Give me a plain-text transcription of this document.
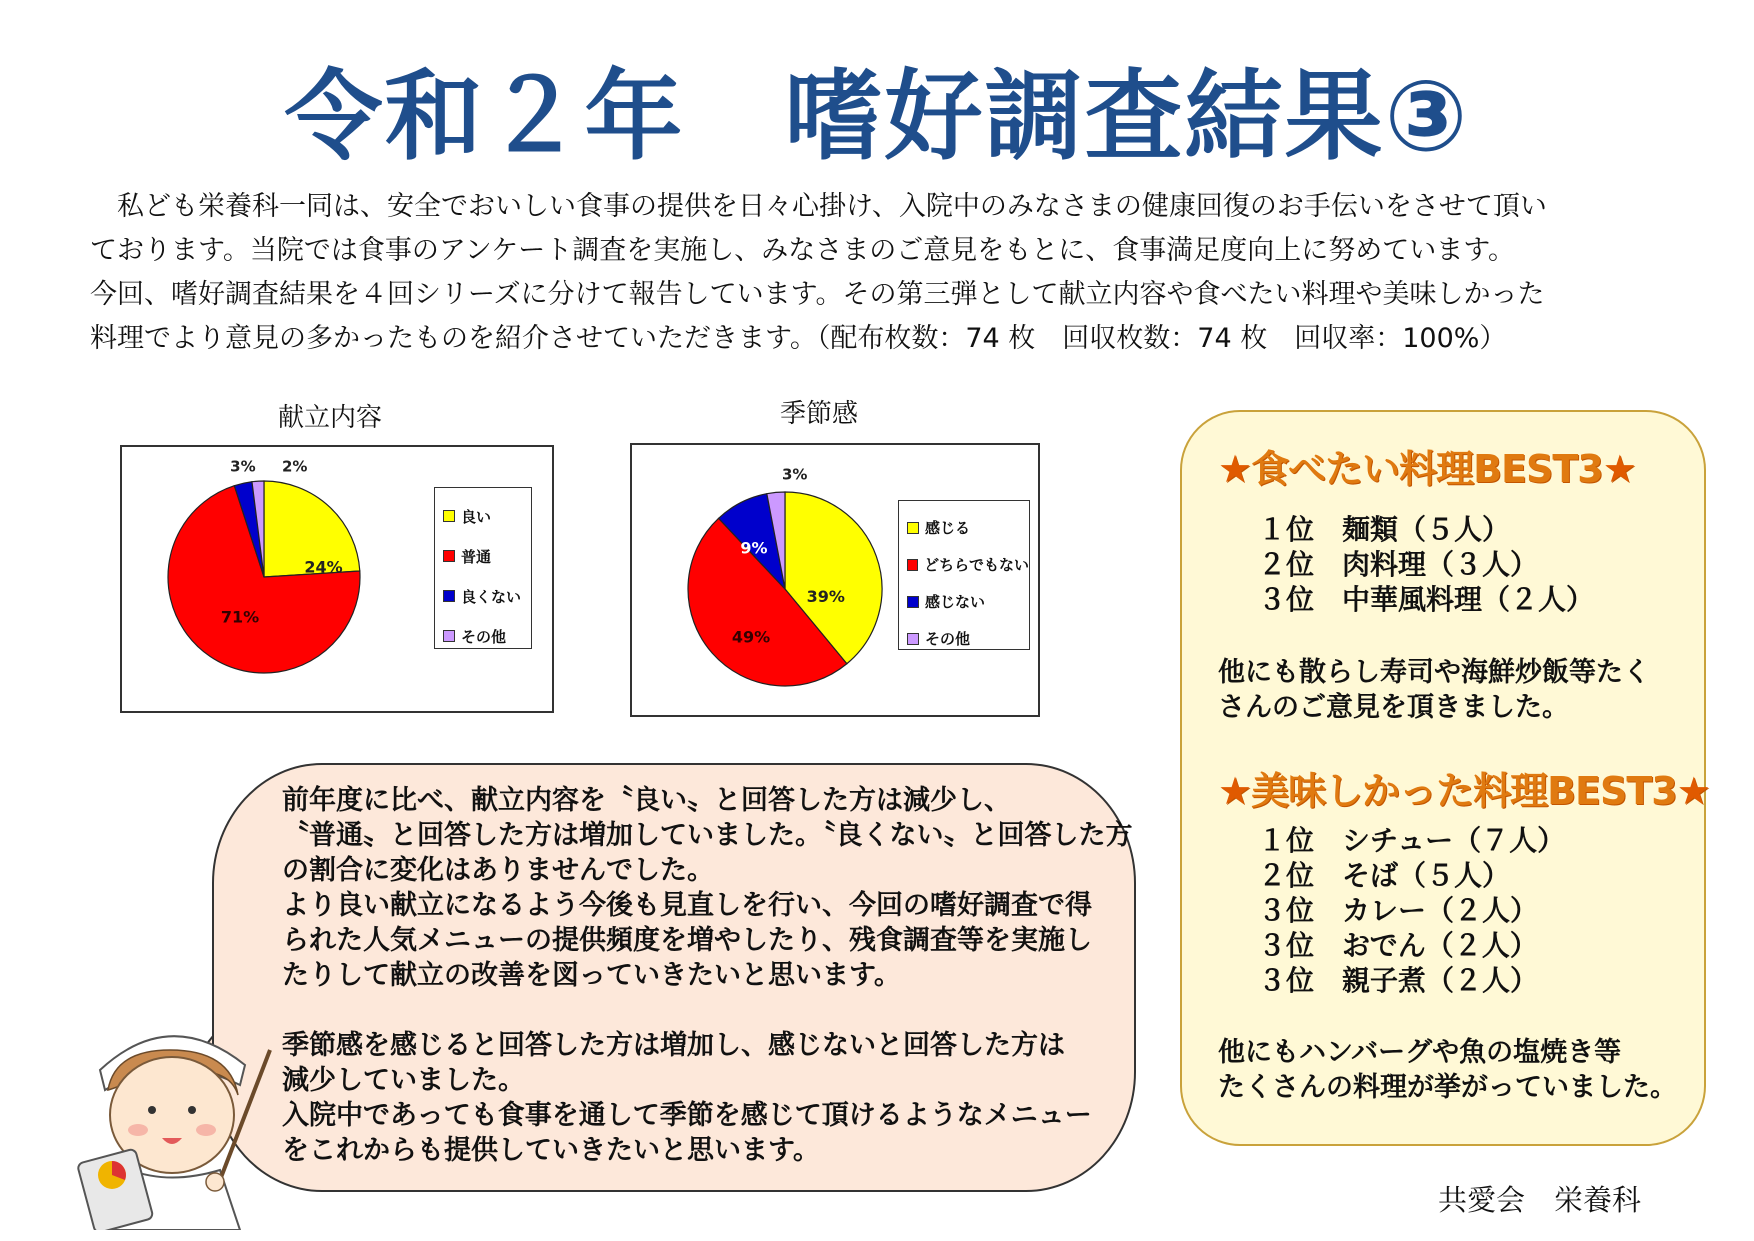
令和２年　嗜好調査結果③

　私ども栄養科一同は、安全でおいしい食事の提供を日々心掛け、入院中のみなさまの健康回復のお手伝いをさせて頂い

ております。当院では食事のアンケート調査を実施し、みなさまのご意見をもとに、食事満足度向上に努めています。

今回、嗜好調査結果を４回シリーズに分けて報告しています。その第三弾として献立内容や食べたい料理や美味しかった

料理でより意見の多かったものを紹介させていただきます。（配布枚数：74 枚　回収枚数：74 枚　回収率：100%）

献立内容
24%
71%
3% 2%
良い
普通
良くない
その他
季節感
39%
49%
9%
3%
感じる
どちらでもない
感じない
その他

前年度に比べ、献立内容を〝良い〟と回答した方は減少し、

〝普通〟と回答した方は増加していました。〝良くない〟と回答した方

の割合に変化はありませんでした。

より良い献立になるよう今後も見直しを行い、今回の嗜好調査で得

られた人気メニューの提供頻度を増やしたり、残食調査等を実施し

たりして献立の改善を図っていきたいと思います。

季節感を感じると回答した方は増加し、感じないと回答した方は

減少していました。

入院中であっても食事を通して季節を感じて頂けるようなメニュー

をこれからも提供していきたいと思います。

★食べたい料理BEST3★
１位 麺類（５人）
２位 肉料理（３人）
３位 中華風料理（２人）

他にも散らし寿司や海鮮炒飯等たく

さんのご意見を頂きました。

★美味しかった料理BEST3★
１位 シチュー（７人）
２位 そば（５人）
３位 カレー（２人）
３位 おでん（２人）
３位 親子煮（２人）

他にもハンバーグや魚の塩焼き等

たくさんの料理が挙がっていました。

共愛会　栄養科
